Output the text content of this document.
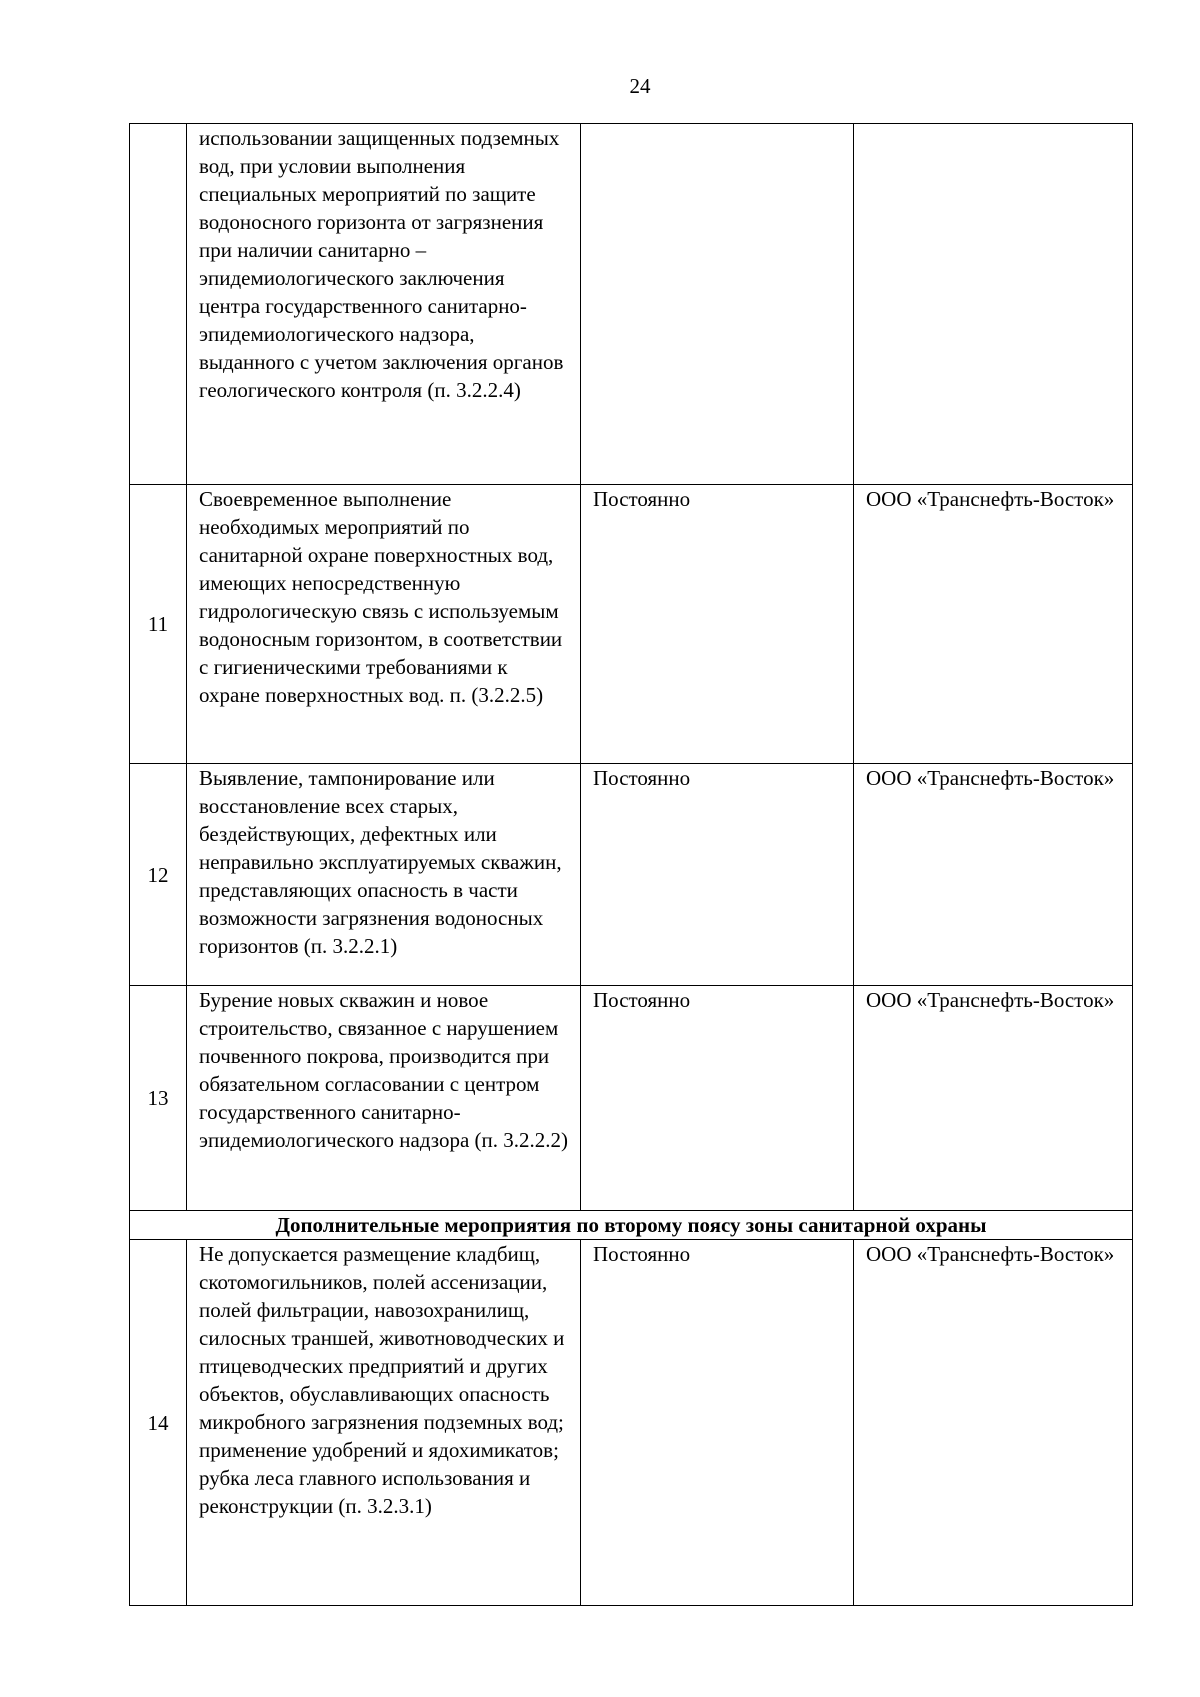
24

	использовании защищенных подземных вод, при условии выполнения специальных мероприятий по защите водоносного горизонта от загрязнения при наличии санитарно – эпидемиологического заключения центра государственного санитарно-эпидемиологического надзора, выданного с учетом заключения органов геологического контроля (п. 3.2.2.4)		

11	Своевременное выполнение необходимых мероприятий по санитарной охране поверхностных вод, имеющих непосредственную гидрологическую связь с используемым водоносным горизонтом, в соответствии с гигиеническими требованиями к охране поверхностных вод. п. (3.2.2.5)	Постоянно	ООО «Транснефть-Восток»

12	Выявление, тампонирование или восстановление всех старых, бездействующих, дефектных или неправильно эксплуатируемых скважин, представляющих опасность в части возможности загрязнения водоносных горизонтов (п. 3.2.2.1)	Постоянно	ООО «Транснефть-Восток»

13	Бурение новых скважин и новое строительство, связанное с нарушением почвенного покрова, производится при обязательном согласовании с центром государственного санитарно-эпидемиологического надзора (п. 3.2.2.2)	Постоянно	ООО «Транснефть-Восток»

Дополнительные мероприятия по второму поясу зоны санитарной охраны			
14	Не допускается размещение кладбищ, скотомогильников, полей ассенизации, полей фильтрации, навозохранилищ, силосных траншей, животноводческих и птицеводческих предприятий и других объектов, обуславливающих опасность микробного загрязнения подземных вод; применение удобрений и ядохимикатов; рубка леса главного использования и реконструкции (п. 3.2.3.1)	Постоянно	ООО «Транснефть-Восток»
